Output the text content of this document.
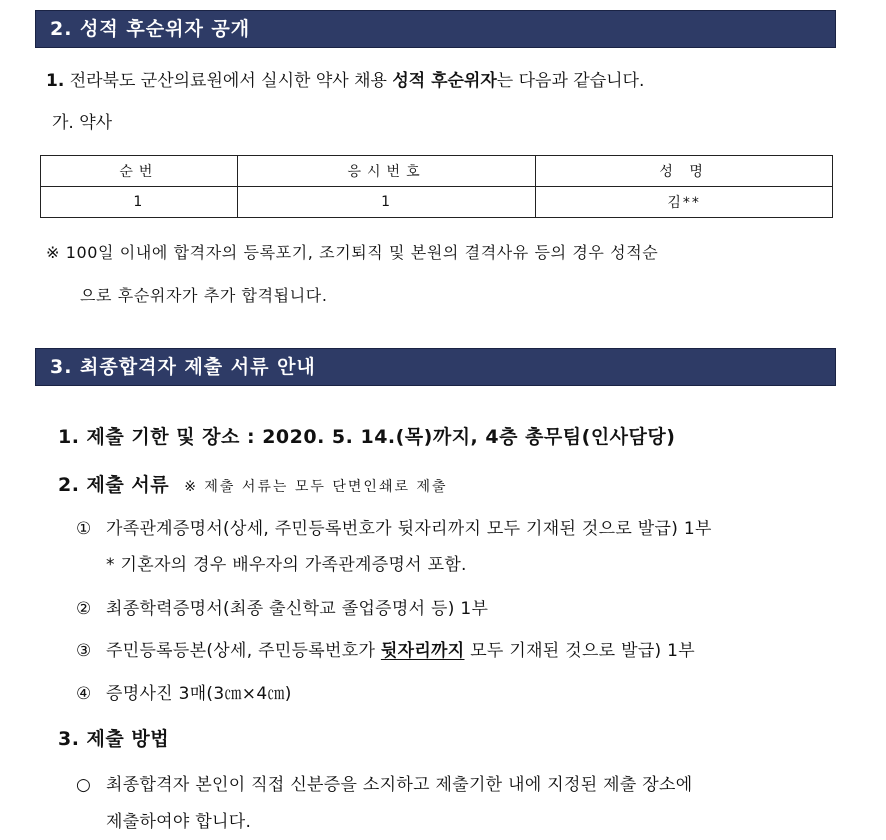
2. 성적 후순위자 공개
1. 전라북도 군산의료원에서 실시한 약사 채용 성적 후순위자는 다음과 같습니다.
가. 약사
순번	응시번호	성 명
1	1	김**
※ 100일 이내에 합격자의 등록포기, 조기퇴직 및 본원의 결격사유 등의 경우 성적순
으로 후순위자가 추가 합격됩니다.
3. 최종합격자 제출 서류 안내
1. 제출 기한 및 장소 : 2020. 5. 14.(목)까지, 4층 총무팀(인사담당)
2. 제출 서류 ※ 제출 서류는 모두 단면인쇄로 제출
① 가족관계증명서(상세, 주민등록번호가 뒷자리까지 모두 기재된 것으로 발급) 1부
* 기혼자의 경우 배우자의 가족관계증명서 포함.
② 최종학력증명서(최종 출신학교 졸업증명서 등) 1부
③ 주민등록등본(상세, 주민등록번호가 뒷자리까지 모두 기재된 것으로 발급) 1부
④ 증명사진 3매(3㎝×4㎝)
3. 제출 방법
○ 최종합격자 본인이 직접 신분증을 소지하고 제출기한 내에 지정된 제출 장소에
제출하여야 합니다.
